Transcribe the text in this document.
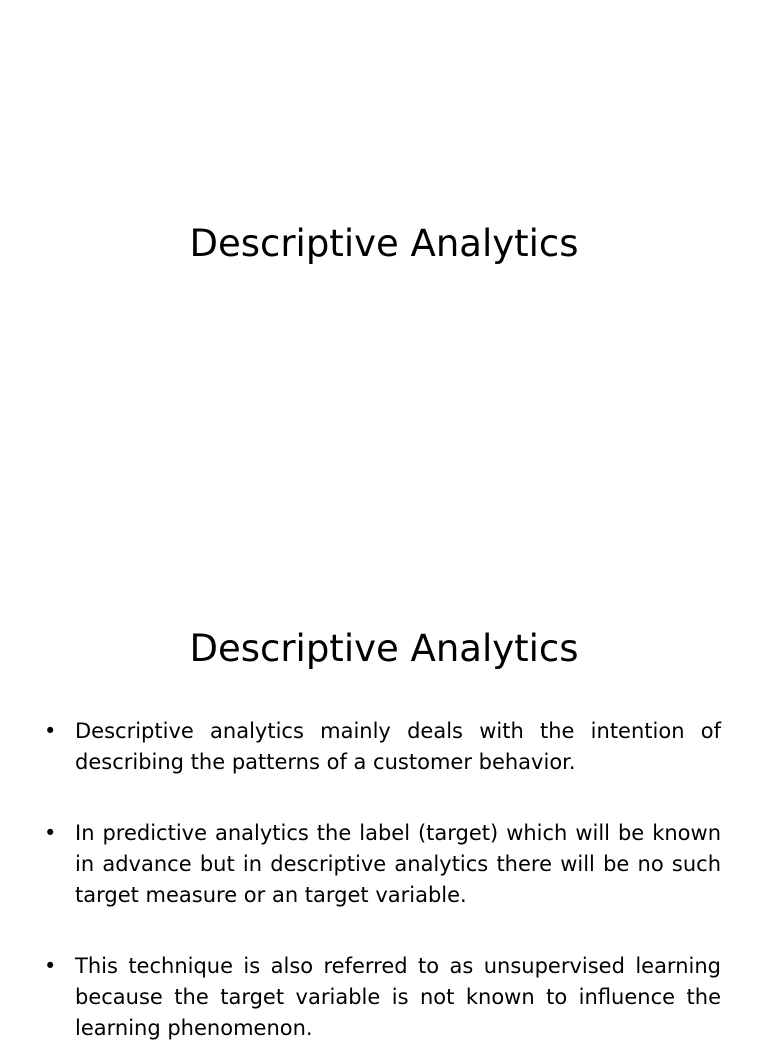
Descriptive Analytics
Descriptive Analytics
• Descriptive analytics mainly deals with the intention of describing the patterns of a customer behavior.
• In predictive analytics the label (target) which will be known in advance but in descriptive analytics there will be no such target measure or an target variable.
• This technique is also referred to as unsupervised learning because the target variable is not known to influence the learning phenomenon.
